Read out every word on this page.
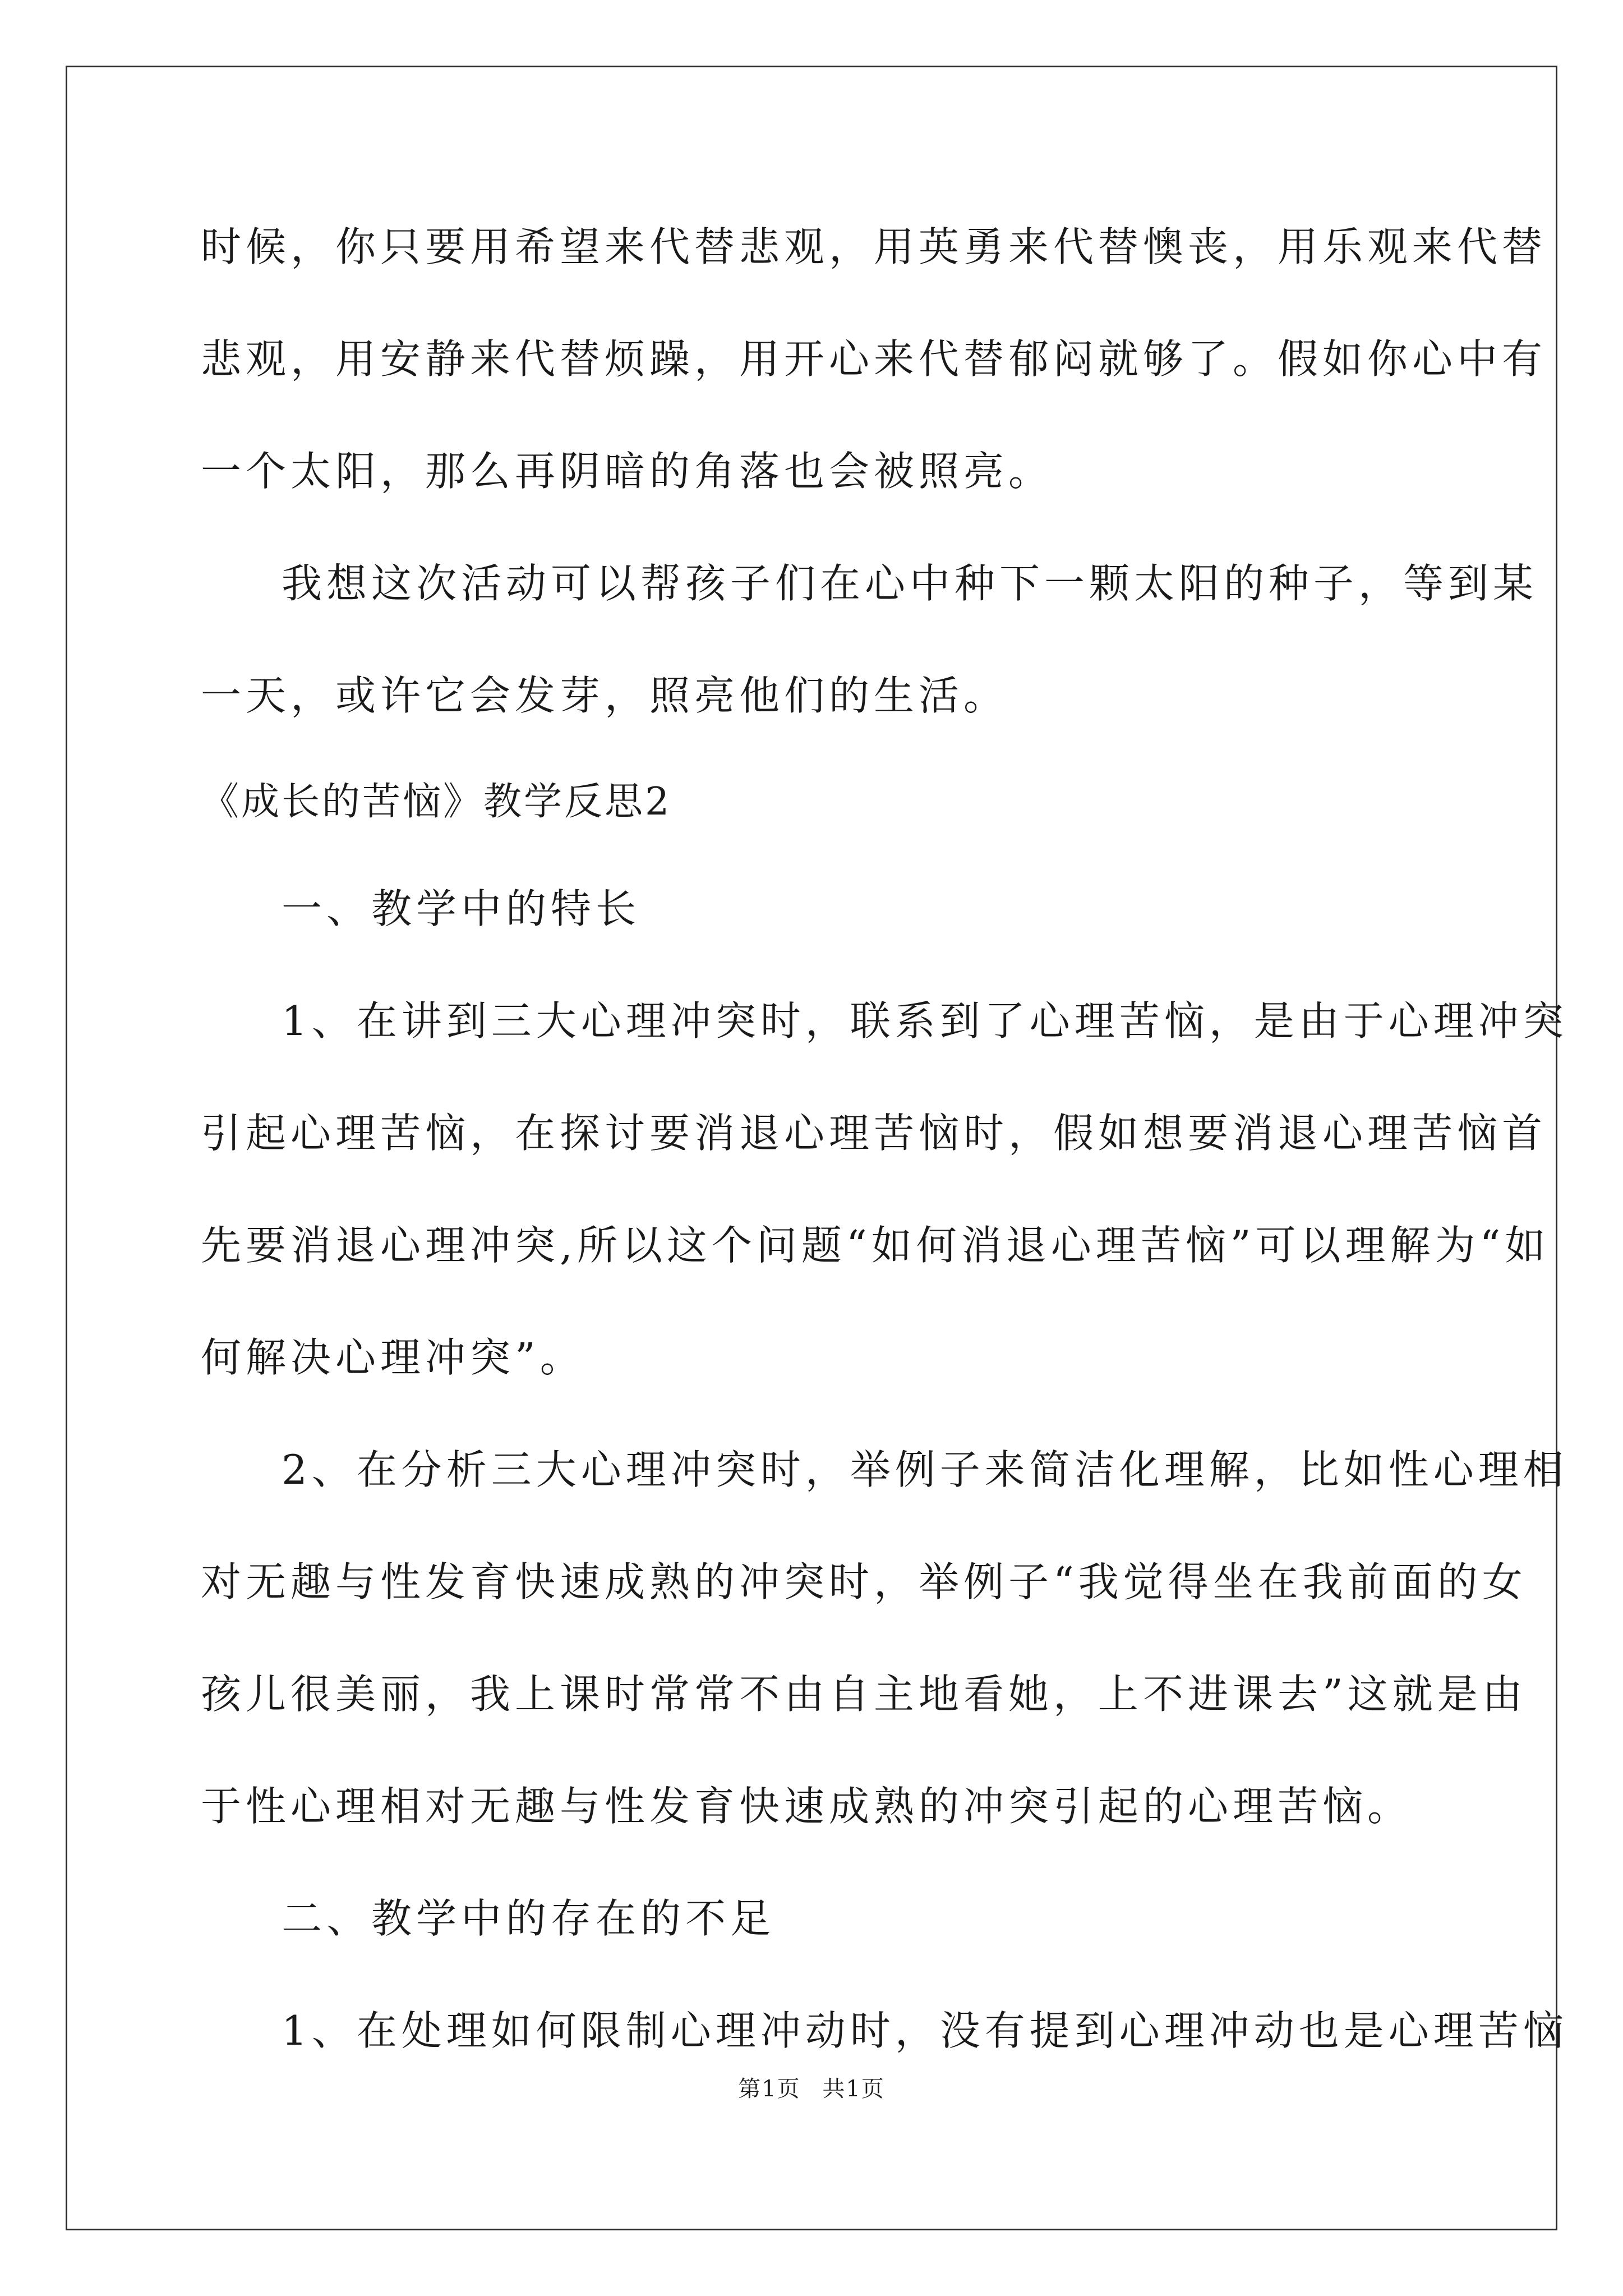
时候，你只要用希望来代替悲观，用英勇来代替懊丧，用乐观来代替
悲观，用安静来代替烦躁，用开心来代替郁闷就够了。假如你心中有
一个太阳，那么再阴暗的角落也会被照亮。
我想这次活动可以帮孩子们在心中种下一颗太阳的种子，等到某
一天，或许它会发芽，照亮他们的生活。
《成长的苦恼》教学反思2
一、教学中的特长
1、在讲到三大心理冲突时，联系到了心理苦恼，是由于心理冲突
引起心理苦恼，在探讨要消退心理苦恼时，假如想要消退心理苦恼首
先要消退心理冲突,所以这个问题“如何消退心理苦恼”可以理解为“如
何解决心理冲突”。
2、在分析三大心理冲突时，举例子来简洁化理解，比如性心理相
对无趣与性发育快速成熟的冲突时，举例子“我觉得坐在我前面的女
孩儿很美丽，我上课时常常不由自主地看她，上不进课去”这就是由
于性心理相对无趣与性发育快速成熟的冲突引起的心理苦恼。
二、教学中的存在的不足
1、在处理如何限制心理冲动时，没有提到心理冲动也是心理苦恼
第1页 共1页
